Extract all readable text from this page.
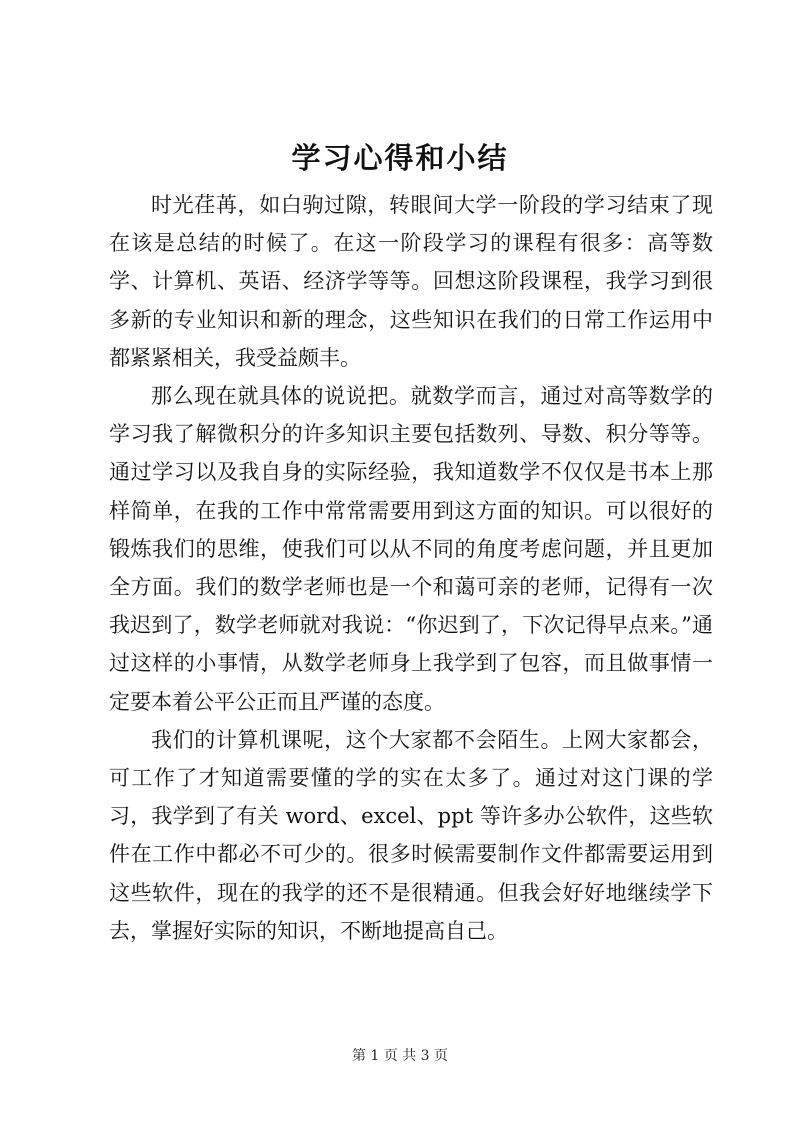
学习心得和小结

时光荏苒，如白驹过隙，转眼间大学一阶段的学习结束了现在该是总结的时候了。在这一阶段学习的课程有很多：高等数学、计算机、英语、经济学等等。回想这阶段课程，我学习到很多新的专业知识和新的理念，这些知识在我们的日常工作运用中都紧紧相关，我受益颇丰。

那么现在就具体的说说把。就数学而言，通过对高等数学的学习我了解微积分的许多知识主要包括数列、导数、积分等等。通过学习以及我自身的实际经验，我知道数学不仅仅是书本上那样简单，在我的工作中常常需要用到这方面的知识。可以很好的锻炼我们的思维，使我们可以从不同的角度考虑问题，并且更加全方面。我们的数学老师也是一个和蔼可亲的老师，记得有一次我迟到了，数学老师就对我说：“你迟到了，下次记得早点来。”通过这样的小事情，从数学老师身上我学到了包容，而且做事情一定要本着公平公正而且严谨的态度。

我们的计算机课呢，这个大家都不会陌生。上网大家都会，可工作了才知道需要懂的学的实在太多了。通过对这门课的学习，我学到了有关 word、excel、ppt 等许多办公软件，这些软件在工作中都必不可少的。很多时候需要制作文件都需要运用到这些软件，现在的我学的还不是很精通。但我会好好地继续学下去，掌握好实际的知识，不断地提高自己。

第 1 页 共 3 页
